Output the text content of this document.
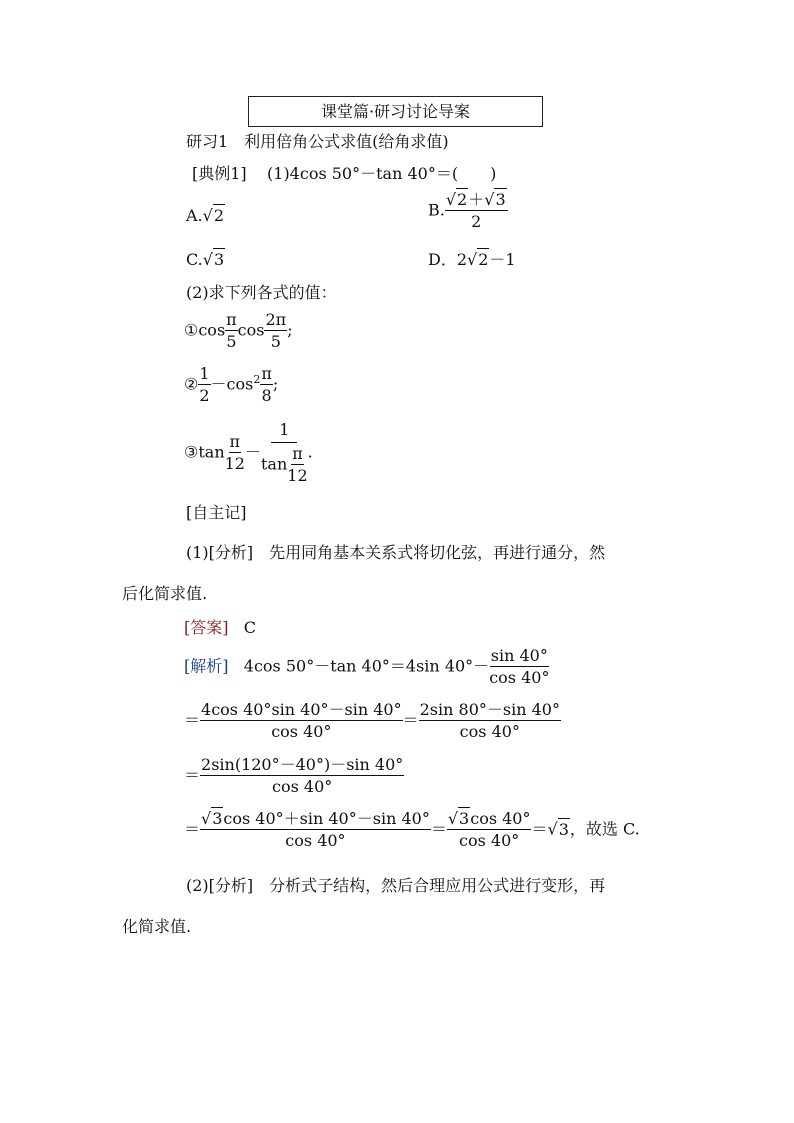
课堂篇·研习讨论导案
研习1　利用倍角公式求值(给角求值)
[典例1] (1)4cos 50°－tan 40°＝(　　)
A.√2	B. $\frac{√2+√3}{2}$
C.√3	D．2√2－1
(2)求下列各式的值：
①cos $\frac{\pi}{5}$ $\cos \frac{2\pi}{5}$ ;
② $\frac{1}{2} -\cos^2 \frac{\pi}{8}$ ;
③tan $\frac{\pi}{12} - \frac{1}{\tan \frac{\pi}{12}}$ .
[自主记]
(1)[分析]　先用同角基本关系式将切化弦，再进行通分，然
后化简求值.
[答案] C
[解析] 4cos 50°－tan 40°＝4sin $40^\circ- \frac{\sin 40^\circ}{\cos 40^\circ}$
＝ $\frac{4\cos 40^\circ\sin 40^\circ-\sin 40^\circ}{\cos 40^\circ} = \frac{2\sin 80^\circ-\sin 40^\circ}{\cos 40^\circ}$
＝ $\frac{2\sin(120^\circ-40^\circ)-\sin 40^\circ}{\cos 40^\circ}$
＝ $\frac{√3\cos 40^\circ+\sin 40^\circ-\sin 40^\circ}{\cos 40^\circ} = \frac{√3\cos 40^\circ}{\cos 40^\circ} =√3$，故选 C.
(2)[分析]　分析式子结构，然后合理应用公式进行变形，再
化简求值.
